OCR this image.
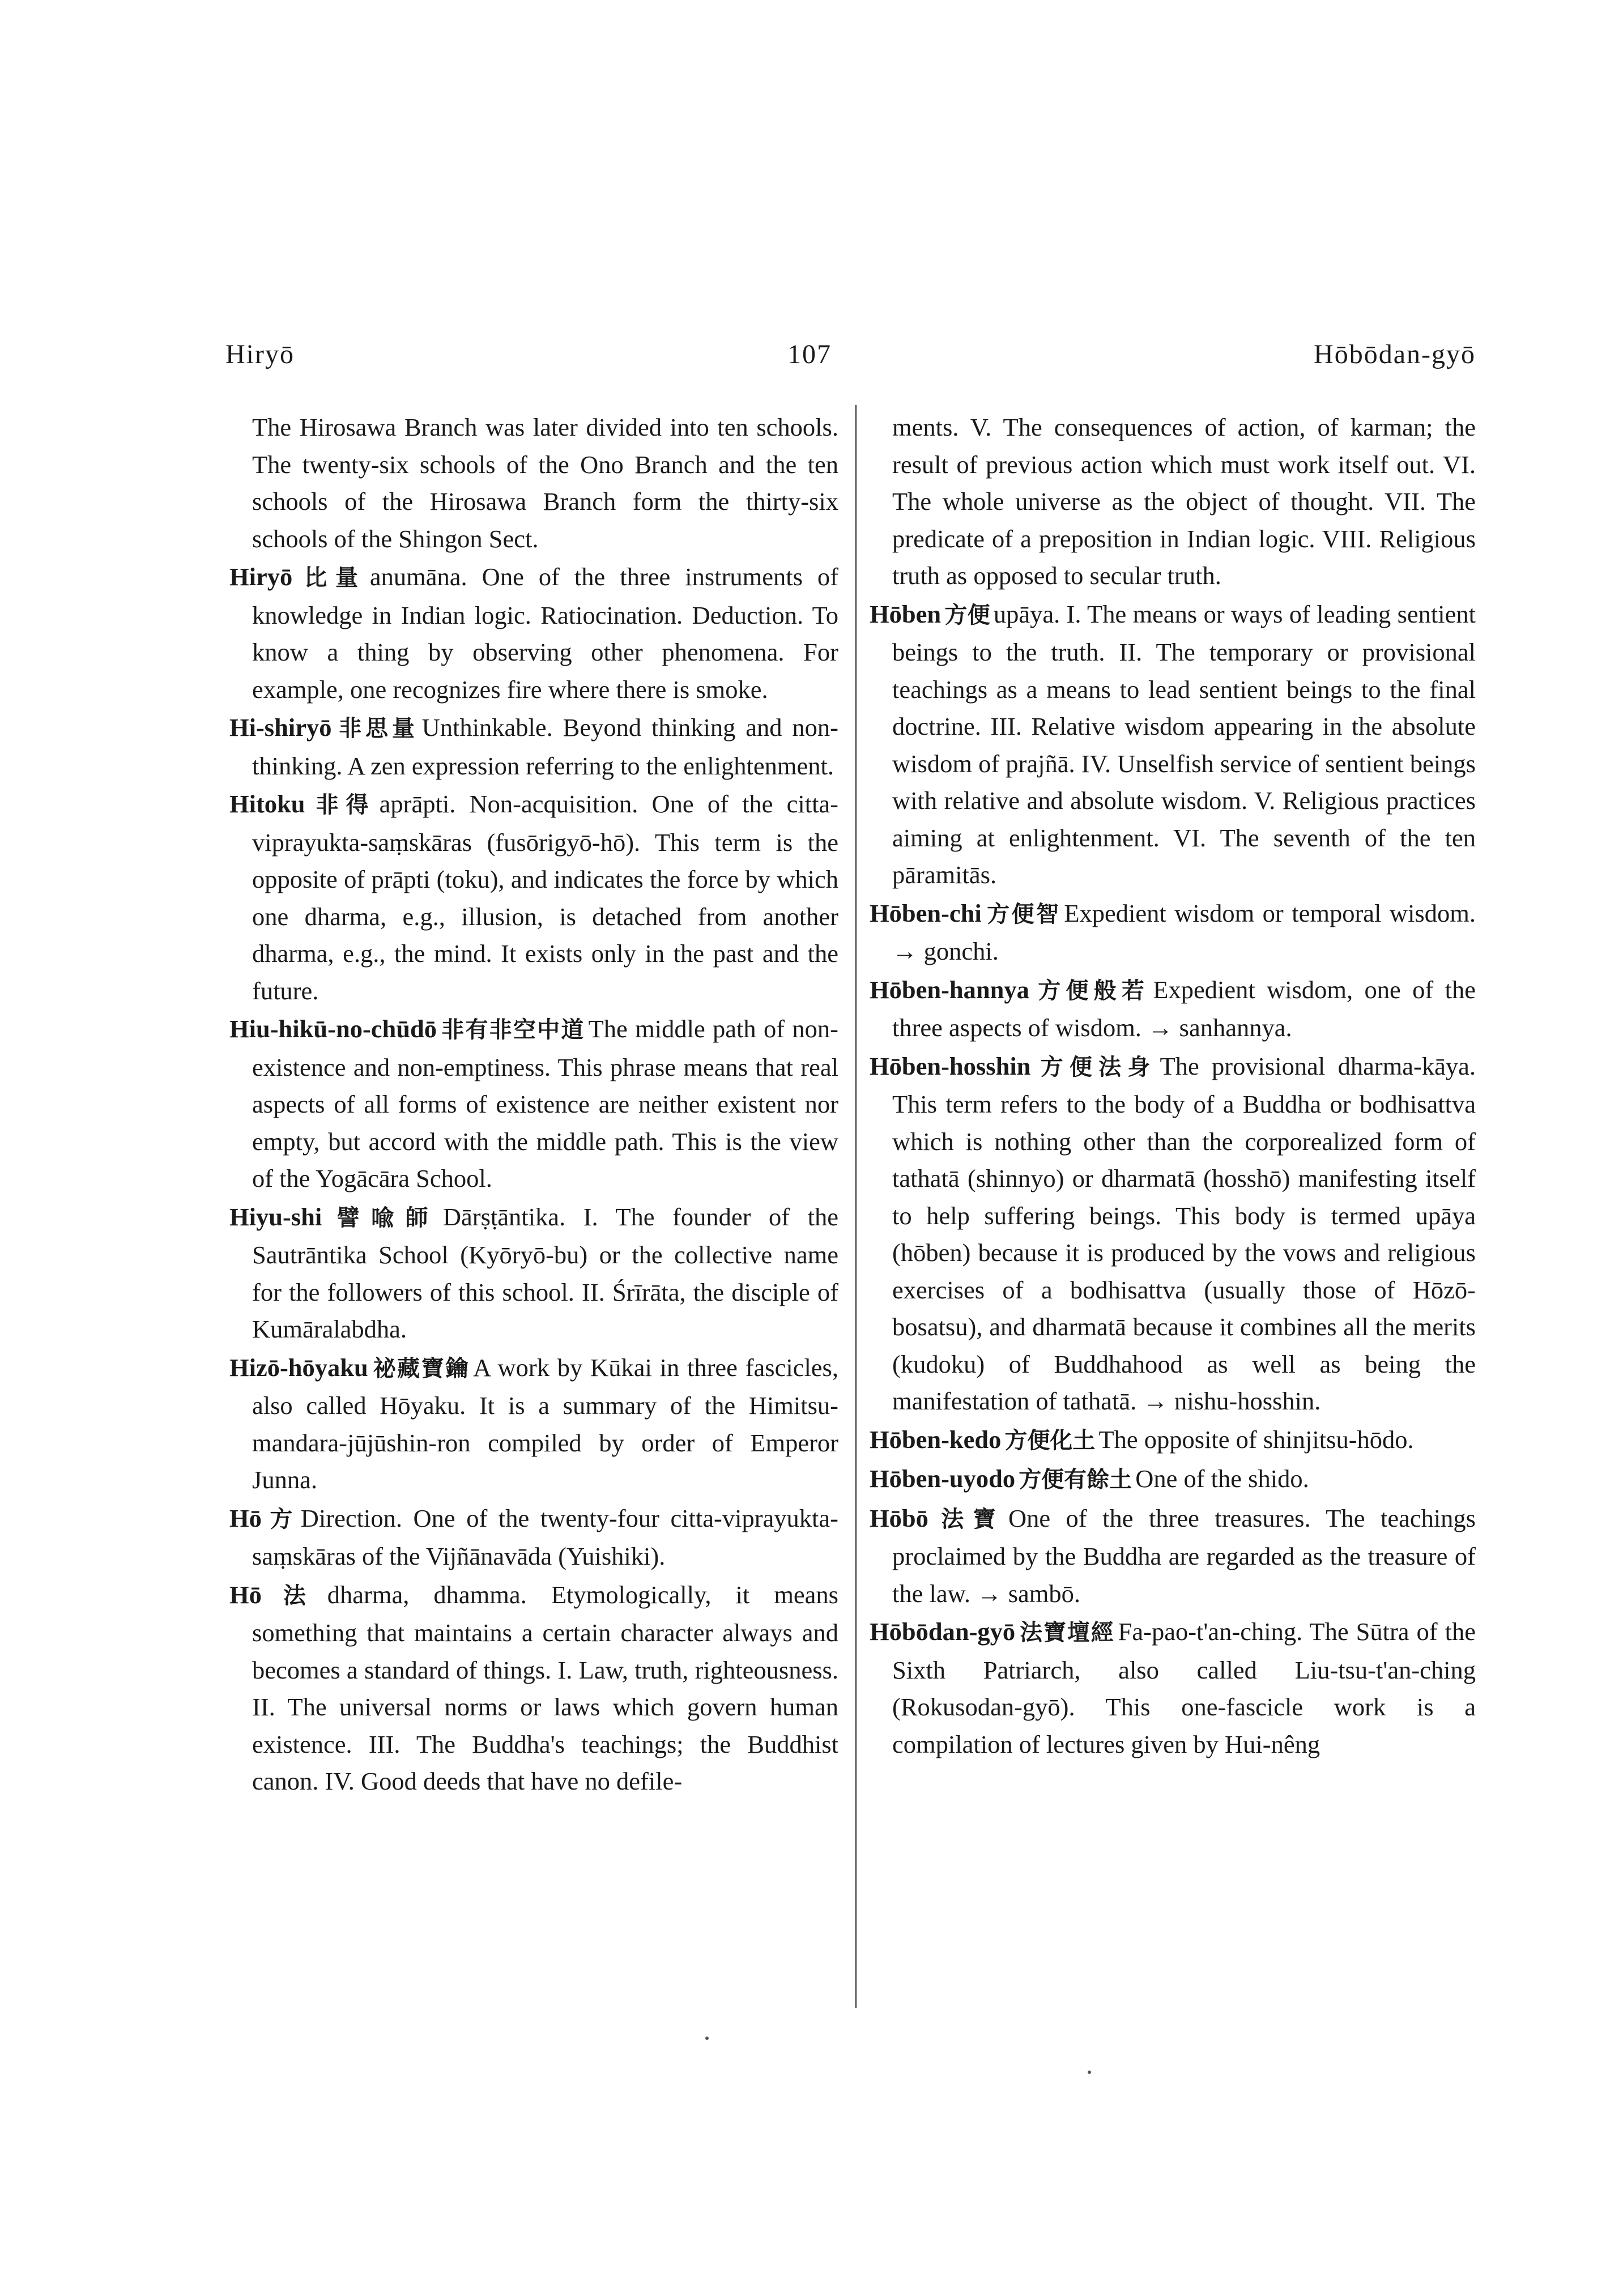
Hiryō	107	Hōbōdan-gyō

The Hirosawa Branch was later divided into ten schools. The twenty-six schools of the Ono Branch and the ten schools of the Hirosawa Branch form the thirty-six schools of the Shingon Sect.

Hiryō 比量 anumāna. One of the three instruments of knowledge in Indian logic. Ratiocination. Deduction. To know a thing by observing other phenomena. For example, one recognizes fire where there is smoke.

Hi-shiryō 非思量 Unthinkable. Beyond thinking and non-thinking. A zen expression referring to the enlightenment.

Hitoku 非得 aprāpti. Non-acquisition. One of the citta-viprayukta-saṃskāras (fusōrigyō-hō). This term is the opposite of prāpti (toku), and indicates the force by which one dharma, e.g., illusion, is detached from another dharma, e.g., the mind. It exists only in the past and the future.

Hiu-hikū-no-chūdō 非有非空中道 The middle path of non-existence and non-emptiness. This phrase means that real aspects of all forms of existence are neither existent nor empty, but accord with the middle path. This is the view of the Yogācāra School.

Hiyu-shi 譬喩師 Dārṣṭāntika. I. The founder of the Sautrāntika School (Kyōryō-bu) or the collective name for the followers of this school. II. Śrīrāta, the disciple of Kumāralabdha.

Hizō-hōyaku 祕藏寶鑰 A work by Kūkai in three fascicles, also called Hōyaku. It is a summary of the Himitsu-mandara-jūjūshin-ron compiled by order of Emperor Junna.

Hō 方 Direction. One of the twenty-four citta-viprayukta-saṃskāras of the Vijñānavāda (Yuishiki).

Hō 法 dharma, dhamma. Etymologically, it means something that maintains a certain character always and becomes a standard of things. I. Law, truth, righteousness. II. The universal norms or laws which govern human existence. III. The Buddha's teachings; the Buddhist canon. IV. Good deeds that have no defile-

ments. V. The consequences of action, of karman; the result of previous action which must work itself out. VI. The whole universe as the object of thought. VII. The predicate of a preposition in Indian logic. VIII. Religious truth as opposed to secular truth.

Hōben 方便 upāya. I. The means or ways of leading sentient beings to the truth. II. The temporary or provisional teachings as a means to lead sentient beings to the final doctrine. III. Relative wisdom appearing in the absolute wisdom of prajñā. IV. Unselfish service of sentient beings with relative and absolute wisdom. V. Religious practices aiming at enlightenment. VI. The seventh of the ten pāramitās.

Hōben-chi 方便智 Expedient wisdom or temporal wisdom. → gonchi.

Hōben-hannya 方便般若 Expedient wisdom, one of the three aspects of wisdom. → sanhannya.

Hōben-hosshin 方便法身 The provisional dharma-kāya. This term refers to the body of a Buddha or bodhisattva which is nothing other than the corporealized form of tathatā (shinnyo) or dharmatā (hosshō) manifesting itself to help suffering beings. This body is termed upāya (hōben) because it is produced by the vows and religious exercises of a bodhisattva (usually those of Hōzō-bosatsu), and dharmatā because it combines all the merits (kudoku) of Buddhahood as well as being the manifestation of tathatā. → nishu-hosshin.

Hōben-kedo 方便化土 The opposite of shinjitsu-hōdo.

Hōben-uyodo 方便有餘土 One of the shido.

Hōbō 法寶 One of the three treasures. The teachings proclaimed by the Buddha are regarded as the treasure of the law. → sambō.

Hōbōdan-gyō 法寶壇經 Fa-pao-t'an-ching. The Sūtra of the Sixth Patriarch, also called Liu-tsu-t'an-ching (Rokusodan-gyō). This one-fascicle work is a compilation of lectures given by Hui-nêng
